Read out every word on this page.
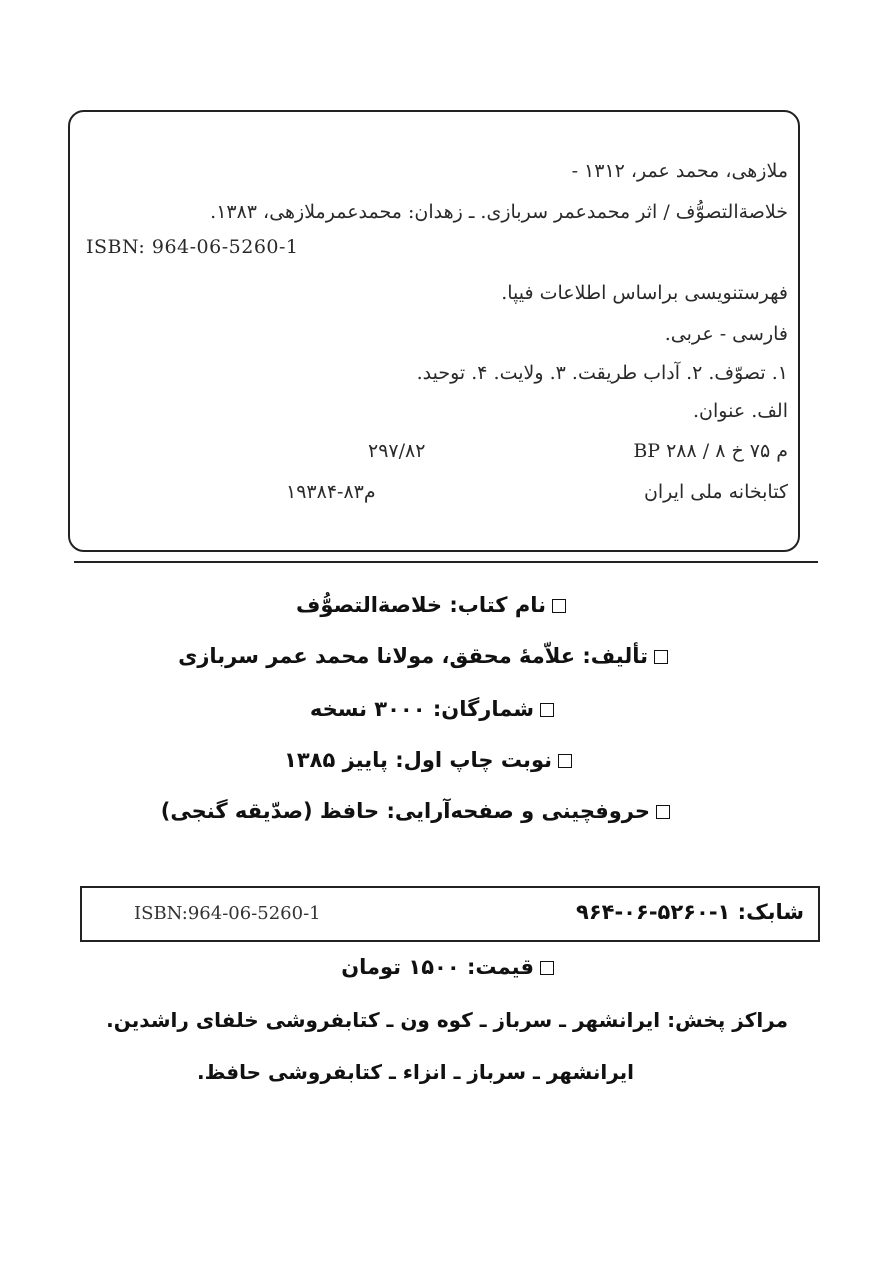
ملازهی، محمد عمر، ۱۳۱۲ -
خلاصةالتصوُّف / اثر محمدعمر سربازی. ـ زهدان: محمدعمرملازهی، ۱۳۸۳.
ISBN: 964-06-5260-1
فهرستنویسی براساس اطلاعات فیپا.
فارسی - عربی.
۱. تصوّف. ۲. آداب طریقت. ۳. ولایت. ۴. توحید.
الف. عنوان.
BP ۲۸۸ / م ۷۵ خ ۸
۲۹۷/۸۲
کتابخانه ملی ایران
م۸۳-۱۹۳۸۴
نام کتاب: خلاصةالتصوُّف
تألیف: علاّمهٔ محقق، مولانا محمد عمر سربازی
شمارگان: ۳۰۰۰ نسخه
نوبت چاپ اول: پاییز ۱۳۸۵
حروفچینی و صفحه‌آرایی: حافظ (صدّیقه گنجی)
شابک: ۱-۵۲۶۰-۰۶-۹۶۴
ISBN:964-06-5260-1
قیمت: ۱۵۰۰ تومان
مراکز پخش: ایرانشهر ـ سرباز ـ کوه ون ـ کتابفروشی خلفای راشدین.
ایرانشهر ـ سرباز ـ انزاء ـ کتابفروشی حافظ.
